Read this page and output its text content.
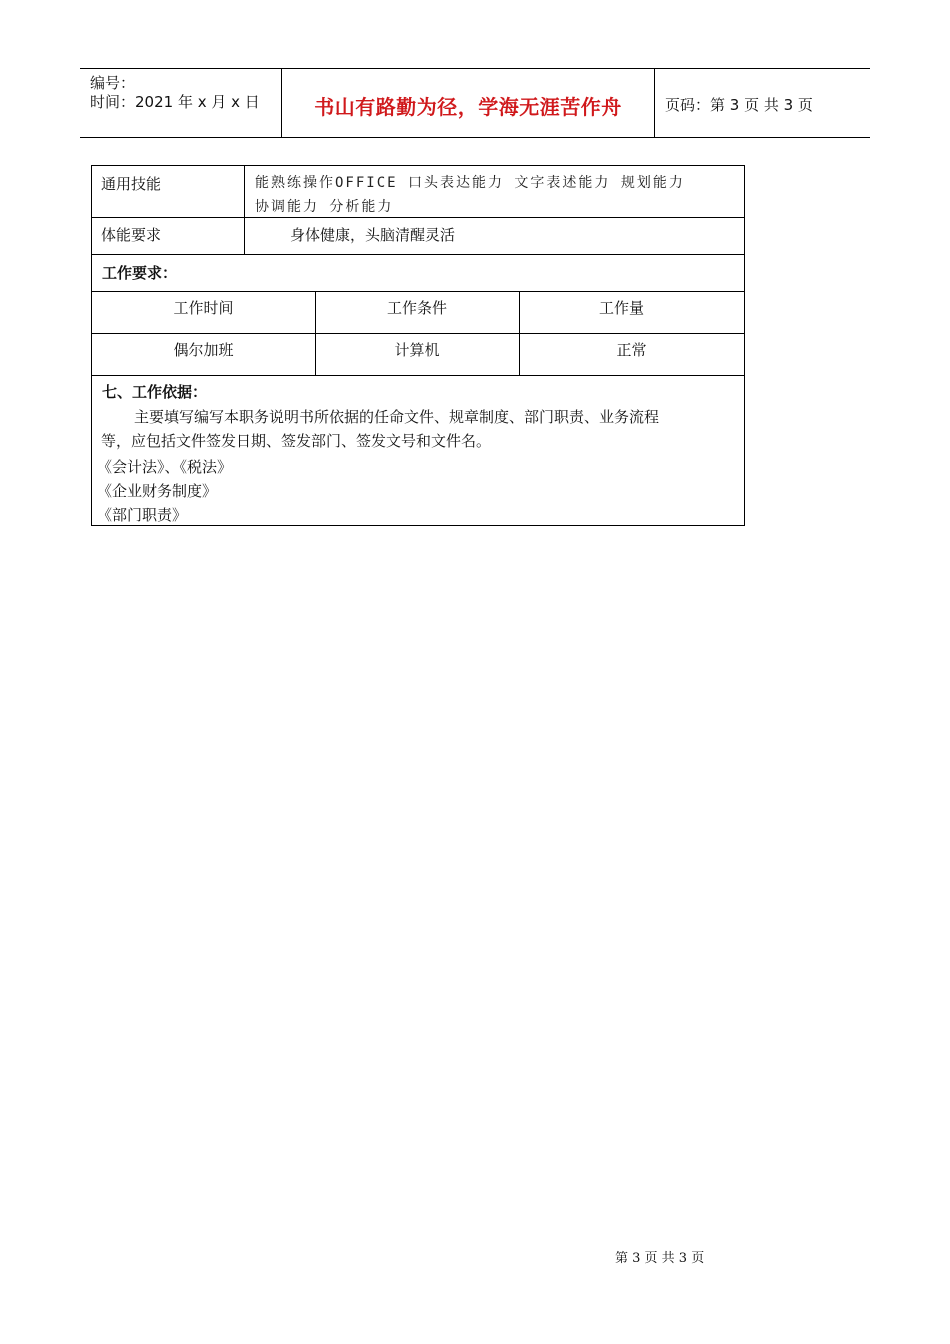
编号：
时间：2021 年 x 月 x 日	书山有路勤为径，学海无涯苦作舟	页码：第 3 页 共 3 页
通用技能	能熟练操作OFFICE 口头表达能力 文字表述能力 规划能力
协调能力 分析能力
体能要求	身体健康，头脑清醒灵活
工作要求：
工作时间	工作条件	工作量
偶尔加班	计算机	正常
七、工作依据：
主要填写编写本职务说明书所依据的任命文件、规章制度、部门职责、业务流程
等，应包括文件签发日期、签发部门、签发文号和文件名。
《会计法》、《税法》
《企业财务制度》
《部门职责》
第 3 页 共 3 页
